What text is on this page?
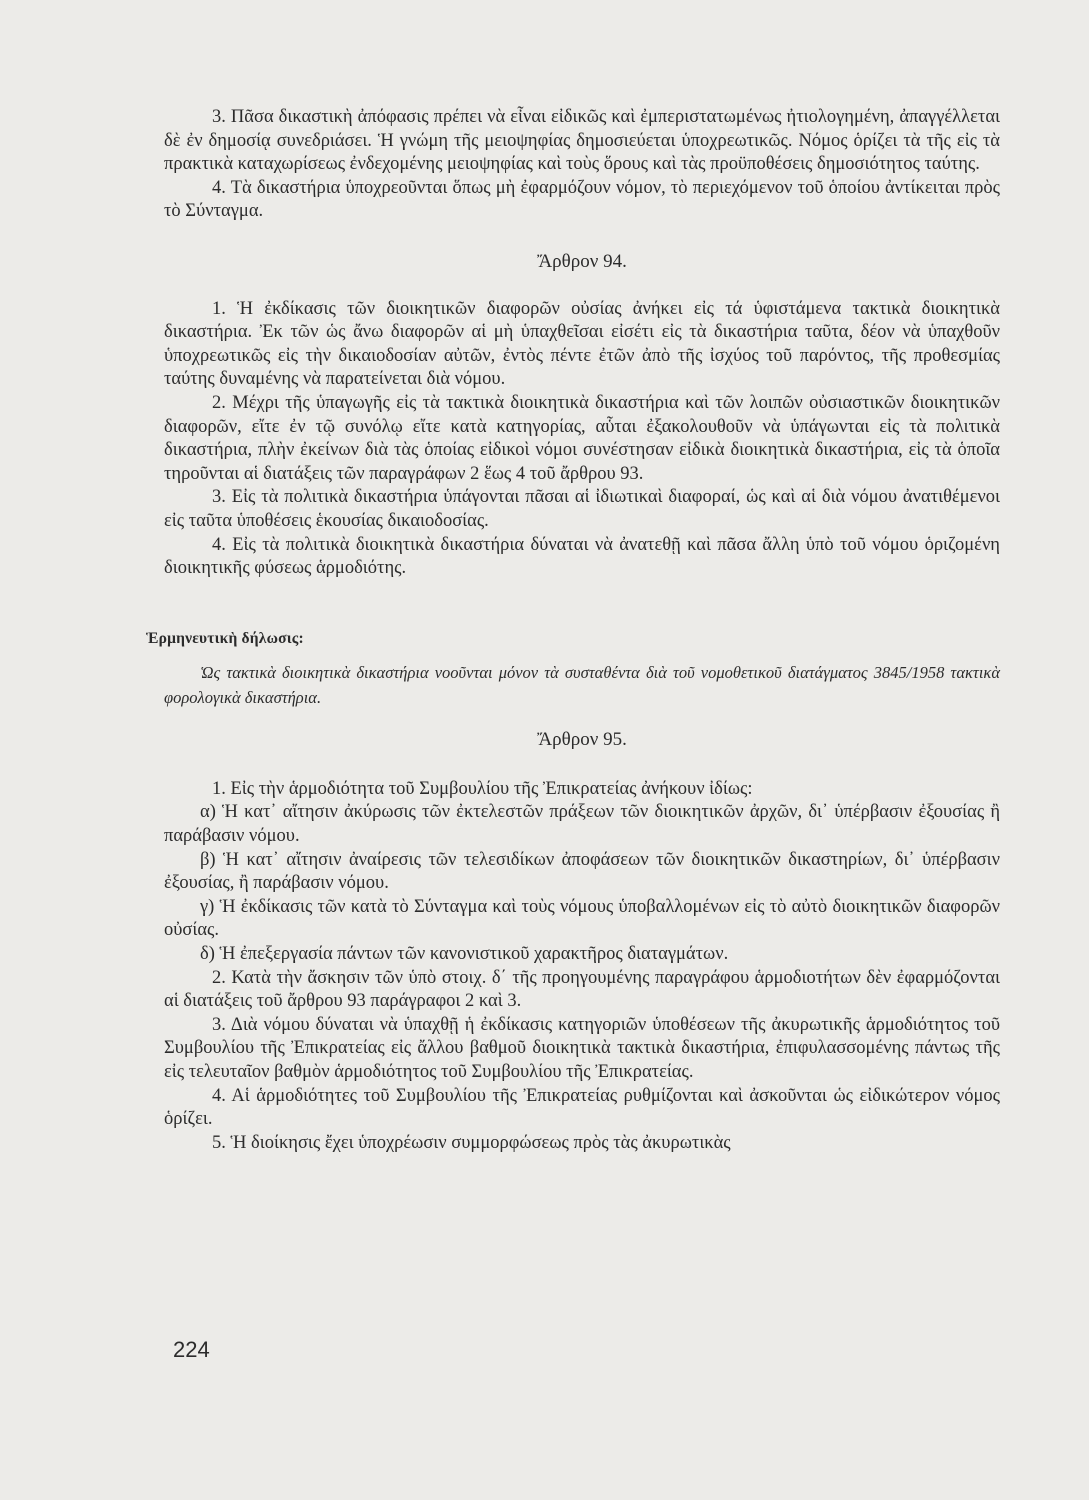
3. Πᾶσα δικαστικὴ ἀπόφασις πρέπει νὰ εἶναι εἰδικῶς καὶ ἐμπεριστατωμένως ἠτιολογημένη, ἀπαγγέλλεται δὲ ἐν δημοσίᾳ συνεδριάσει. Ἡ γνώμη τῆς μειοψηφίας δημοσιεύεται ὑποχρεωτικῶς. Νόμος ὁρίζει τὰ τῆς εἰς τὰ πρακτικὰ καταχωρίσεως ἐνδεχομένης μειοψηφίας καὶ τοὺς ὅρους καὶ τὰς προϋποθέσεις δημοσιότητος ταύτης.

4. Τὰ δικαστήρια ὑποχρεοῦνται ὅπως μὴ ἐφαρμόζουν νόμον, τὸ περιεχόμενον τοῦ ὁποίου ἀντίκειται πρὸς τὸ Σύνταγμα.

Ἄρθρον 94.

1. Ἡ ἐκδίκασις τῶν διοικητικῶν διαφορῶν οὐσίας ἀνήκει εἰς τά ὑφιστάμενα τακτικὰ διοικητικὰ δικαστήρια. Ἐκ τῶν ὡς ἄνω διαφορῶν αἱ μὴ ὑπαχθεῖσαι εἰσέτι εἰς τὰ δικαστήρια ταῦτα, δέον νὰ ὑπαχθοῦν ὑποχρεωτικῶς εἰς τὴν δικαιοδοσίαν αὐτῶν, ἐντὸς πέντε ἐτῶν ἀπὸ τῆς ἰσχύος τοῦ παρόντος, τῆς προθεσμίας ταύτης δυναμένης νὰ παρατείνεται διὰ νόμου.

2. Μέχρι τῆς ὑπαγωγῆς εἰς τὰ τακτικὰ διοικητικὰ δικαστήρια καὶ τῶν λοιπῶν οὐσιαστικῶν διοικητικῶν διαφορῶν, εἴτε ἐν τῷ συνόλῳ εἴτε κατὰ κατηγορίας, αὗται ἐξακολουθοῦν νὰ ὑπάγωνται εἰς τὰ πολιτικὰ δικαστήρια, πλὴν ἐκείνων διὰ τὰς ὁποίας εἰδικοὶ νόμοι συνέστησαν εἰδικὰ διοικητικὰ δικαστήρια, εἰς τὰ ὁποῖα τηροῦνται αἱ διατάξεις τῶν παραγράφων 2 ἕως 4 τοῦ ἄρθρου 93.

3. Εἰς τὰ πολιτικὰ δικαστήρια ὑπάγονται πᾶσαι αἱ ἰδιωτικαὶ διαφοραί, ὡς καὶ αἱ διὰ νόμου ἀνατιθέμενοι εἰς ταῦτα ὑποθέσεις ἑκουσίας δικαιοδοσίας.

4. Εἰς τὰ πολιτικὰ διοικητικὰ δικαστήρια δύναται νὰ ἀνατεθῇ καὶ πᾶσα ἄλλη ὑπὸ τοῦ νόμου ὁριζομένη διοικητικῆς φύσεως ἁρμοδιότης.

Ἑρμηνευτικὴ δήλωσις:

Ὡς τακτικὰ διοικητικὰ δικαστήρια νοοῦνται μόνον τὰ συσταθέντα διὰ τοῦ νομοθετικοῦ διατάγματος 3845/1958 τακτικὰ φορολογικὰ δικαστήρια.

Ἄρθρον 95.

1. Εἰς τὴν ἁρμοδιότητα τοῦ Συμβουλίου τῆς Ἐπικρατείας ἀνήκουν ἰδίως:

α) Ἡ κατ᾿ αἴτησιν ἀκύρωσις τῶν ἐκτελεστῶν πράξεων τῶν διοικητικῶν ἀρχῶν, δι᾿ ὑπέρβασιν ἐξουσίας ἢ παράβασιν νόμου.

β) Ἡ κατ᾿ αἴτησιν ἀναίρεσις τῶν τελεσιδίκων ἀποφάσεων τῶν διοικητικῶν δικαστηρίων, δι᾿ ὑπέρβασιν ἐξουσίας, ἢ παράβασιν νόμου.

γ) Ἡ ἐκδίκασις τῶν κατὰ τὸ Σύνταγμα καὶ τοὺς νόμους ὑποβαλλομένων εἰς τὸ αὐτὸ διοικητικῶν διαφορῶν οὐσίας.

δ) Ἡ ἐπεξεργασία πάντων τῶν κανονιστικοῦ χαρακτῆρος διαταγμάτων.

2. Κατὰ τὴν ἄσκησιν τῶν ὑπὸ στοιχ. δ΄ τῆς προηγουμένης παραγράφου ἁρμοδιοτήτων δὲν ἐφαρμόζονται αἱ διατάξεις τοῦ ἄρθρου 93 παράγραφοι 2 καὶ 3.

3. Διὰ νόμου δύναται νὰ ὑπαχθῇ ἡ ἐκδίκασις κατηγοριῶν ὑποθέσεων τῆς ἀκυρωτικῆς ἁρμοδιότητος τοῦ Συμβουλίου τῆς Ἐπικρατείας εἰς ἄλλου βαθμοῦ διοικητικὰ τακτικὰ δικαστήρια, ἐπιφυλασσομένης πάντως τῆς εἰς τελευταῖον βαθμὸν ἁρμοδιότητος τοῦ Συμβουλίου τῆς Ἐπικρατείας.

4. Αἱ ἁρμοδιότητες τοῦ Συμβουλίου τῆς Ἐπικρατείας ρυθμίζονται καὶ ἀσκοῦνται ὡς εἰδικώτερον νόμος ὁρίζει.

5. Ἡ διοίκησις ἔχει ὑποχρέωσιν συμμορφώσεως πρὸς τὰς ἀκυρωτικὰς

224
